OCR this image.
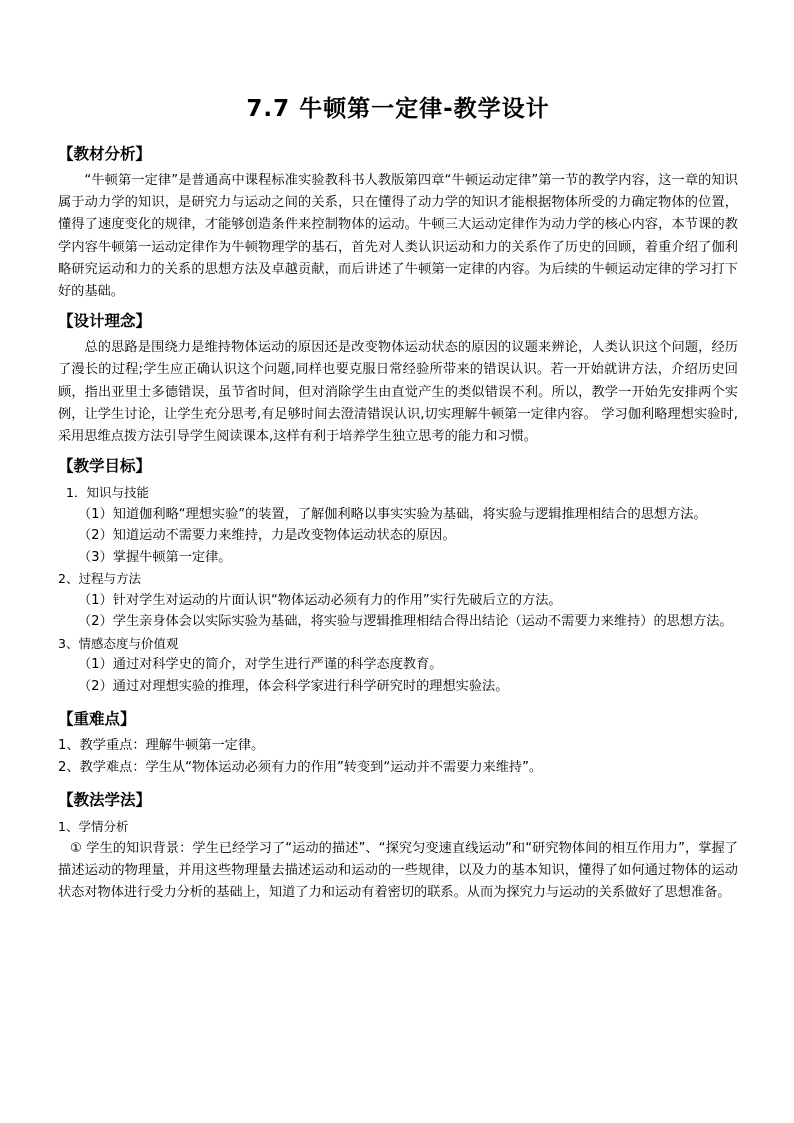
7.7 牛顿第一定律-教学设计
【教材分析】

“牛顿第一定律”是普通高中课程标准实验教科书人教版第四章“牛顿运动定律”第一节的教学内容，这一章的知识属于动力学的知识，是研究力与运动之间的关系，只在懂得了动力学的知识才能根据物体所受的力确定物体的位置，懂得了速度变化的规律，才能够创造条件来控制物体的运动。牛顿三大运动定律作为动力学的核心内容，本节课的教学内容牛顿第一运动定律作为牛顿物理学的基石，首先对人类认识运动和力的关系作了历史的回顾，着重介绍了伽利略研究运动和力的关系的思想方法及卓越贡献，而后讲述了牛顿第一定律的内容。为后续的牛顿运动定律的学习打下好的基础。

【设计理念】

总的思路是围绕力是维持物体运动的原因还是改变物体运动状态的原因的议题来辨论，人类认识这个问题，经历了漫长的过程;学生应正确认识这个问题,同样也要克服日常经验所带来的错误认识。若一开始就讲方法，介绍历史回顾，指出亚里士多德错误，虽节省时间，但对消除学生由直觉产生的类似错误不利。所以，教学一开始先安排两个实例，让学生讨论，让学生充分思考,有足够时间去澄清错误认识,切实理解牛顿第一定律内容。 学习伽利略理想实验时,采用思维点拨方法引导学生阅读课本,这样有利于培养学生独立思考的能力和习惯。

【教学目标】

1．知识与技能

（1）知道伽利略“理想实验”的装置，了解伽利略以事实实验为基础，将实验与逻辑推理相结合的思想方法。

（2）知道运动不需要力来维持，力是改变物体运动状态的原因。

（3）掌握牛顿第一定律。

2、过程与方法

（1）针对学生对运动的片面认识“物体运动必须有力的作用”实行先破后立的方法。

（2）学生亲身体会以实际实验为基础，将实验与逻辑推理相结合得出结论（运动不需要力来维持）的思想方法。

3、情感态度与价值观

（1）通过对科学史的简介，对学生进行严谨的科学态度教育。

（2）通过对理想实验的推理，体会科学家进行科学研究时的理想实验法。

【重难点】

1、教学重点：理解牛顿第一定律。

2、教学难点：学生从“物体运动必须有力的作用”转变到“运动并不需要力来维持”。

【教法学法】

1、学情分析

① 学生的知识背景：学生已经学习了“运动的描述”、“探究匀变速直线运动”和“研究物体间的相互作用力”，掌握了描述运动的物理量，并用这些物理量去描述运动和运动的一些规律，以及力的基本知识，懂得了如何通过物体的运动状态对物体进行受力分析的基础上，知道了力和运动有着密切的联系。从而为探究力与运动的关系做好了思想准备。
